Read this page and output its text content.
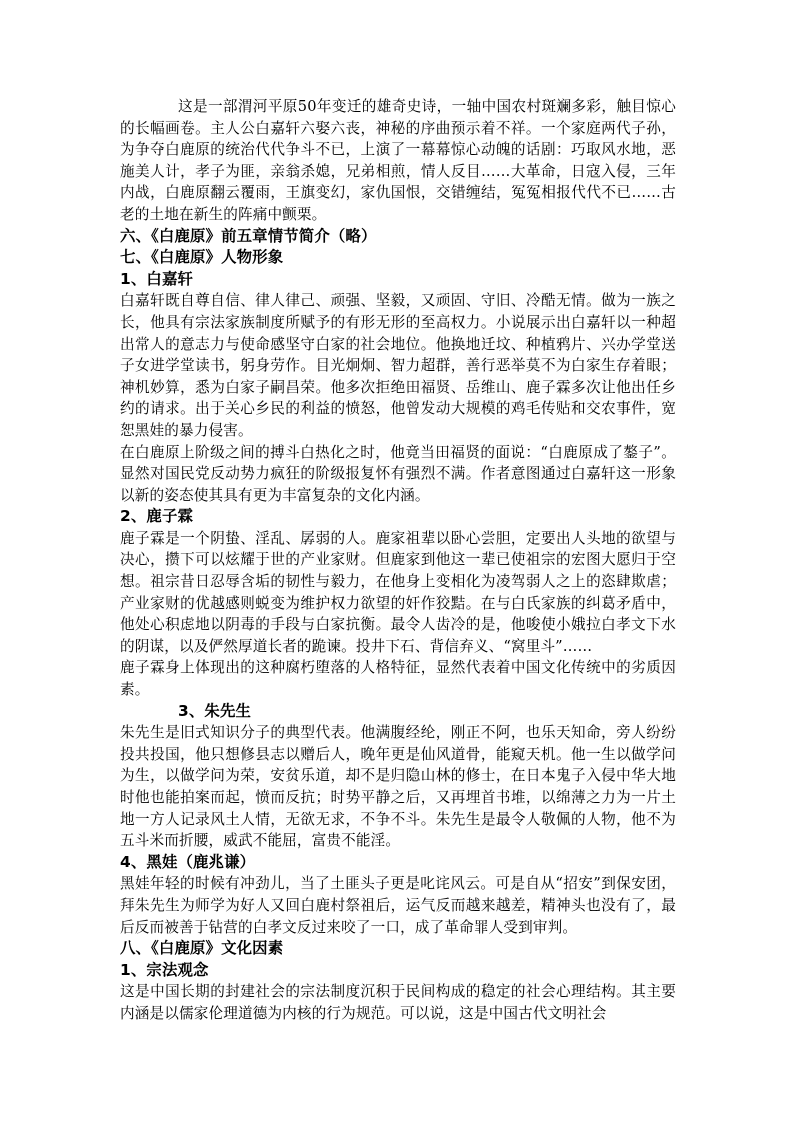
这是一部渭河平原50年变迁的雄奇史诗，一轴中国农村斑斓多彩，触目惊心的长幅画卷。主人公白嘉轩六娶六丧，神秘的序曲预示着不祥。一个家庭两代子孙，为争夺白鹿原的统治代代争斗不已，上演了一幕幕惊心动魄的话剧：巧取风水地，恶施美人计，孝子为匪，亲翁杀媳，兄弟相煎，情人反目……大革命，日寇入侵，三年内战，白鹿原翻云覆雨，王旗变幻，家仇国恨，交错缠结，冤冤相报代代不已……古老的土地在新生的阵痛中颤栗。

六、《白鹿原》前五章情节简介（略）
七、《白鹿原》人物形象
1、白嘉轩

白嘉轩既自尊自信、律人律己、顽强、坚毅，又顽固、守旧、冷酷无情。做为一族之长，他具有宗法家族制度所赋予的有形无形的至高权力。小说展示出白嘉轩以一种超出常人的意志力与使命感坚守白家的社会地位。他换地迁坟、种植鸦片、兴办学堂送子女进学堂读书，躬身劳作。目光炯炯、智力超群，善行恶举莫不为白家生存着眼；神机妙算，悉为白家子嗣昌荣。他多次拒绝田福贤、岳维山、鹿子霖多次让他出任乡约的请求。出于关心乡民的利益的愤怒，他曾发动大规模的鸡毛传贴和交农事件，宽恕黑娃的暴力侵害。

在白鹿原上阶级之间的搏斗白热化之时，他竟当田福贤的面说：“白鹿原成了鏊子”。显然对国民党反动势力疯狂的阶级报复怀有强烈不满。作者意图通过白嘉轩这一形象以新的姿态使其具有更为丰富复杂的文化内涵。

2、鹿子霖

鹿子霖是一个阴蛰、淫乱、孱弱的人。鹿家祖辈以卧心尝胆，定要出人头地的欲望与决心，攒下可以炫耀于世的产业家财。但鹿家到他这一辈已使祖宗的宏图大愿归于空想。祖宗昔日忍辱含垢的韧性与毅力，在他身上变相化为凌驾弱人之上的恣肆欺虐；产业家财的优越感则蜕变为维护权力欲望的奸作狡黠。在与白氏家族的纠葛矛盾中，他处心积虑地以阴毒的手段与白家抗衡。最令人齿冷的是，他唆使小娥拉白孝文下水的阴谋，以及俨然厚道长者的跪谏。投井下石、背信弃义、“窝里斗”……

鹿子霖身上体现出的这种腐朽堕落的人格特征，显然代表着中国文化传统中的劣质因素。

3、朱先生

朱先生是旧式知识分子的典型代表。他满腹经纶，刚正不阿，也乐天知命，旁人纷纷投共投国，他只想修县志以赠后人，晚年更是仙风道骨，能窥天机。他一生以做学问为生，以做学问为荣，安贫乐道，却不是归隐山林的修士，在日本鬼子入侵中华大地时他也能拍案而起，愤而反抗；时势平静之后，又再埋首书堆，以绵薄之力为一片土地一方人记录风土人情，无欲无求，不争不斗。朱先生是最令人敬佩的人物，他不为五斗米而折腰，威武不能屈，富贵不能淫。

4、黑娃（鹿兆谦）

黑娃年轻的时候有冲劲儿，当了土匪头子更是叱诧风云。可是自从“招安”到保安团，拜朱先生为师学为好人又回白鹿村祭祖后，运气反而越来越差，精神头也没有了，最后反而被善于钻营的白孝文反过来咬了一口，成了革命罪人受到审判。

八、《白鹿原》文化因素
1、宗法观念

这是中国长期的封建社会的宗法制度沉积于民间构成的稳定的社会心理结构。其主要内涵是以儒家伦理道德为内核的行为规范。可以说，这是中国古代文明社会
